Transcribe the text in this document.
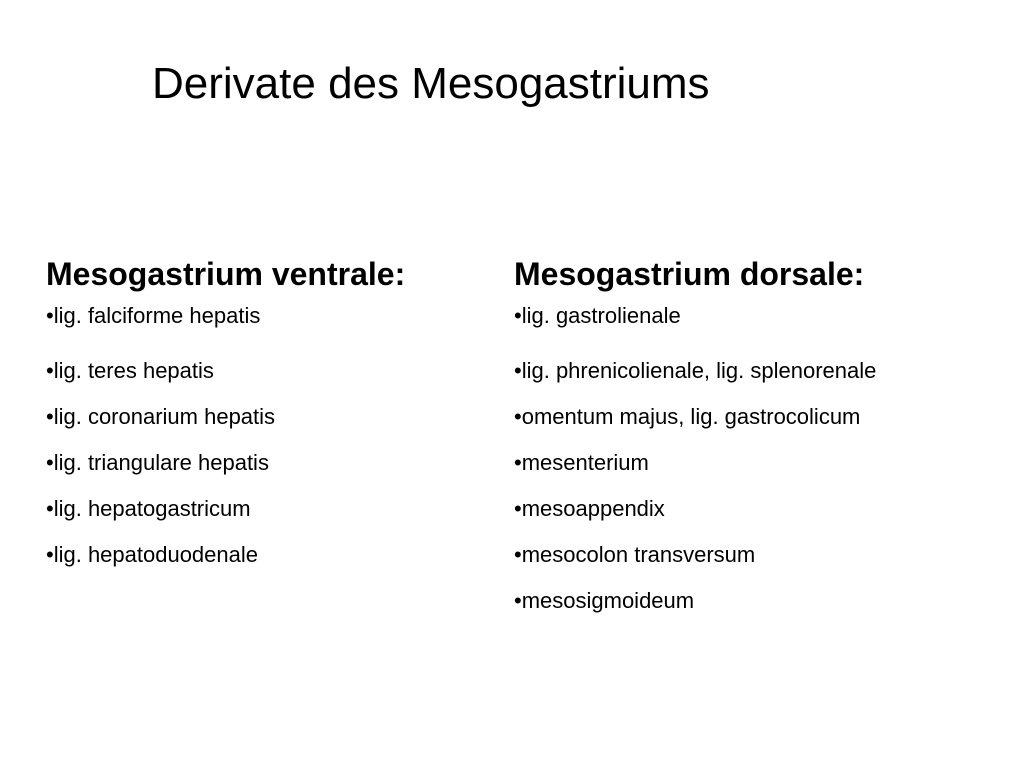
Derivate des Mesogastriums
Mesogastrium ventrale:
•lig. falciforme hepatis
•lig. teres hepatis
•lig. coronarium hepatis
•lig. triangulare hepatis
•lig. hepatogastricum
•lig. hepatoduodenale
Mesogastrium dorsale:
•lig. gastrolienale
•lig. phrenicolienale, lig. splenorenale
•omentum majus, lig. gastrocolicum
•mesenterium
•mesoappendix
•mesocolon transversum
•mesosigmoideum
